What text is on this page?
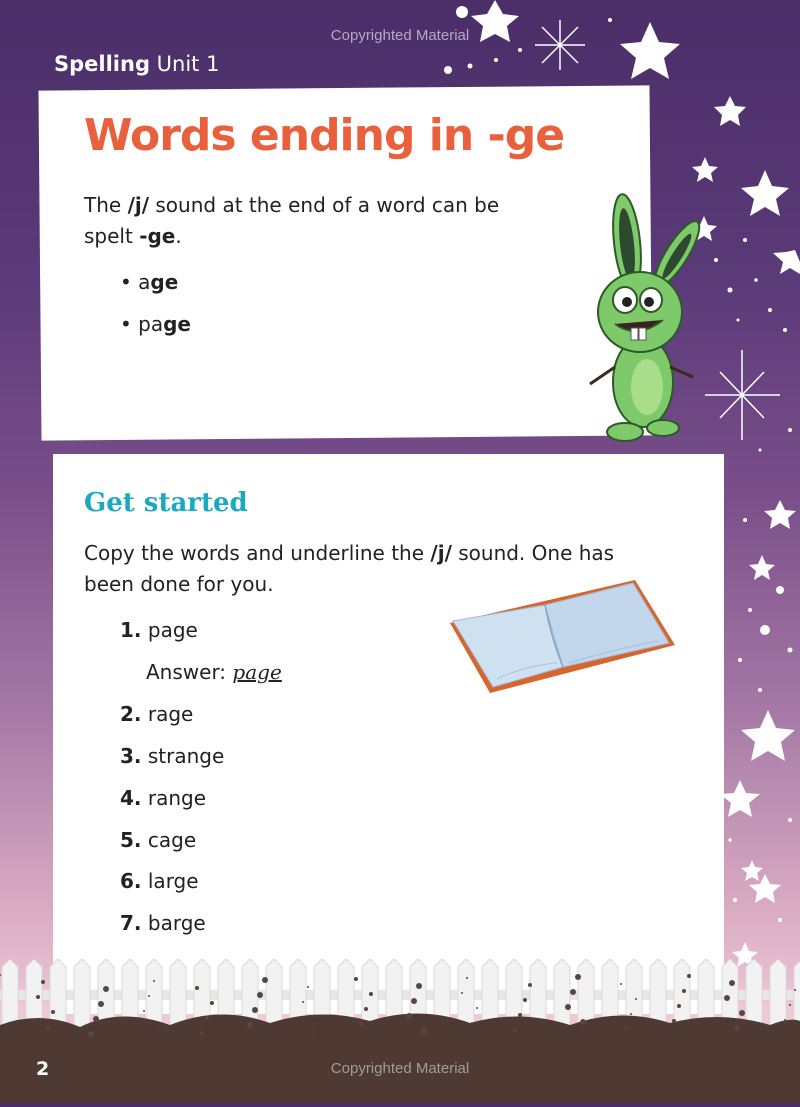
Copyrighted Material
Spelling Unit 1
Words ending in -ge
The /j/ sound at the end of a word can be spelt -ge.
• age
• page
Get started
Copy the words and underline the /j/ sound. One has been done for you.
1. page
Answer: page
2. rage
3. strange
4. range
5. cage
6. large
7. barge
Copyrighted Material
2
